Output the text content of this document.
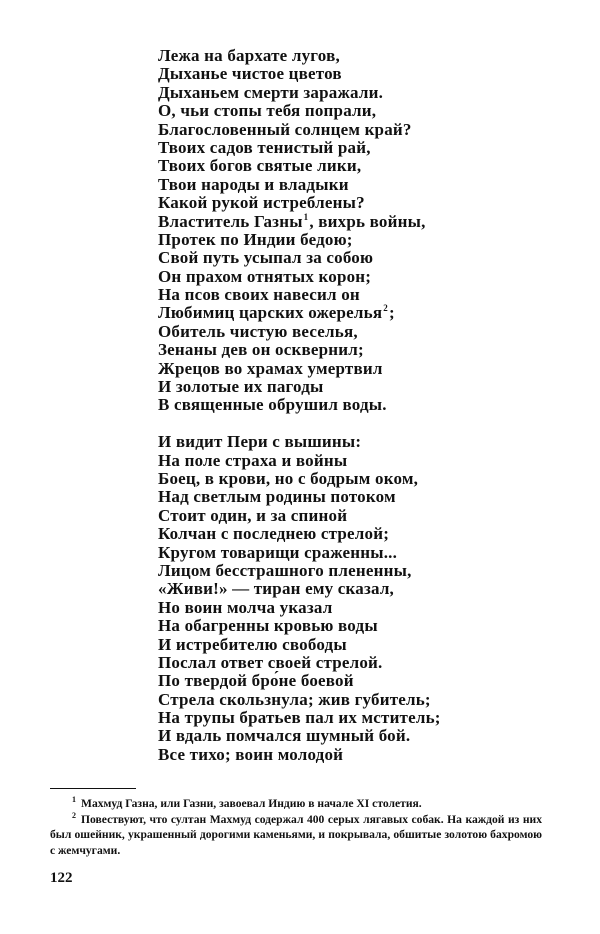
Лежа на бархате лугов,
Дыханье чистое цветов
Дыханьем смерти заражали.
О, чьи стопы тебя попрали,
Благословенный солнцем край?
Твоих садов тенистый рай,
Твоих богов святые лики,
Твои народы и владыки
Какой рукой истреблены?
Властитель Газны$^1$, вихрь войны,
Протек по Индии бедою;
Свой путь усыпал за собою
Он прахом отнятых корон;
На псов своих навесил он
Любимиц царских ожерелья$^2$;
Обитель чистую веселья,
Зенаны дев он осквернил;
Жрецов во храмах умертвил
И золотые их пагоды
В священные обрушил воды.
И видит Пери с вышины:
На поле страха и войны
Боец, в крови, но с бодрым оком,
Над светлым родины потоком
Стоит один, и за спиной
Колчан с последнею стрелой;
Кругом товарищи сраженны...
Лицом бесстрашного плененны,
«Живи!» — тиран ему сказал,
Но воин молча указал
На обагренны кровью воды
И истребителю свободы
Послал ответ своей стрелой.
По твердой бро́не боевой
Стрела скользнула; жив губитель;
На трупы братьев пал их мститель;
И вдаль помчался шумный бой.
Все тихо; воин молодой
$^1$ Махмуд Газна, или Газни, завоевал Индию в начале XI столетия.
$^2$ Повествуют, что султан Махмуд содержал 400 серых лягавых собак. На каждой из них был ошейник, украшенный дорогими каменьями, и покрывала, обшитые золотою бахромою с жемчугами.
122
